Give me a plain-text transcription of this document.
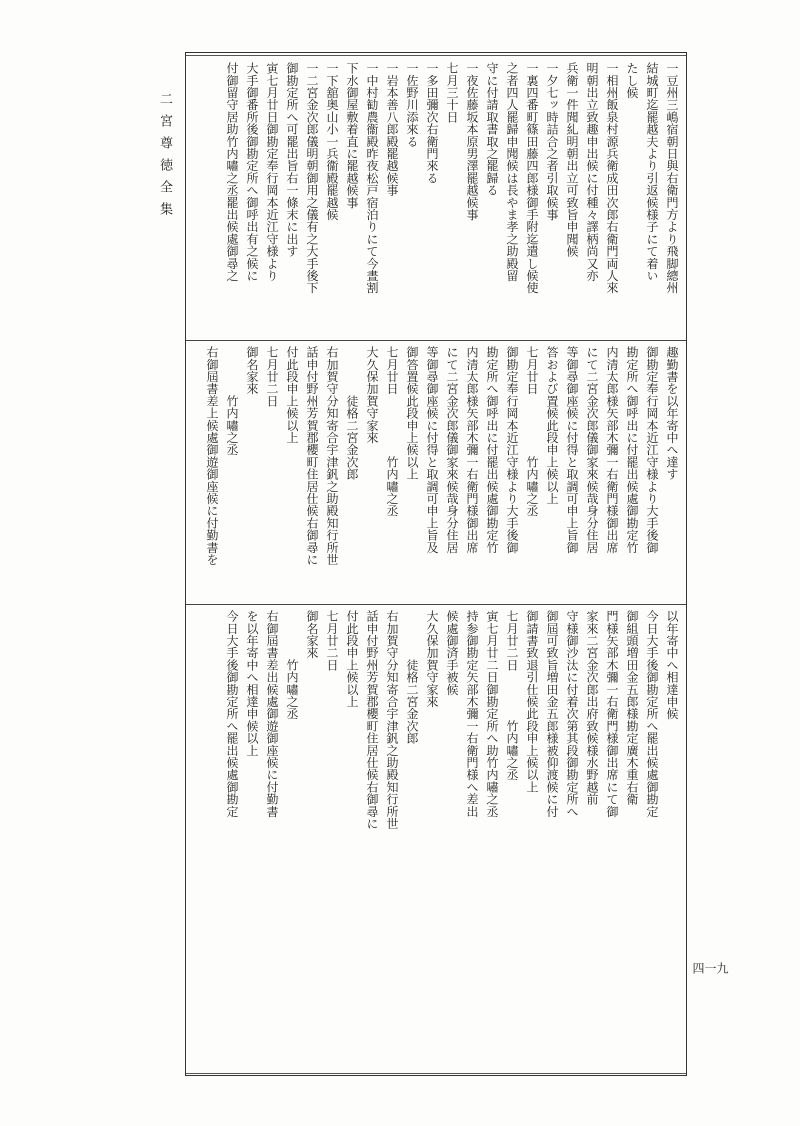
二宮尊徳全集
九一四
一豆州三嶋宿朝日與右衛門方より飛脚總州
結城町迄罷越夫より引返候様子にて着い
たし候
一相州飯泉村源兵衛成田次郎右衛門両人來
明朝出立致趣申出候に付種々譯柄尚又亦
兵衛一件聞糺明朝出立可致旨申聞候
一夕七ッ時詰合之者引取候事
一裏四番町篠田藤四郎様御手附迄遣し候使
之者四人罷歸申聞候は長やま孝之助殿留
守に付請取書取之罷歸る
一夜佐藤坂本原男澤罷越候事
七月三十日
一多田彌次右衛門來る
一佐野川添來る
一岩本善八郎殿罷越候事
一中村勧農衞殿昨夜松戸宿泊りにて今晝割
下水御屋敷着直に罷越候事
一下舘奥山小一兵衞殿罷越候
一二宮金次郎儀明朝御用之儀有之大手後下
御勘定所へ可罷出旨右一條末に出す
寅七月廿日御勘定奉行岡本近江守様より
大手御番所後御勘定所へ御呼出有之候に
付御留守居助竹内嘯之丞罷出候處御尋之
趣勤書を以年寄中へ達す
御勘定奉行岡本近江守様より大手後御
勘定所へ御呼出に付罷出候處御勘定竹
内清太郎様矢部木彌一右衛門様御出席
にて二宮金次郎儀御家來候哉身分住居
等御尋御座候に付得と取調可申上旨御
答および置候此段申上候以上
七月廿日　　　　　竹内嘯之丞
御勘定奉行岡本近江守様より大手後御
勘定所へ御呼出に付罷出候處御勘定竹
内清太郎様矢部木彌一右衛門様御出席
にて二宮金次郎儀御家來候哉身分住居
等御尋御座候に付得と取調可申上旨及
御答置候此段申上候以上
七月廿日　　　　　竹内嘯之丞
大久保加賀守家來
　　　　徒格二宮金次郎
右加賀守分知寄合宇津釩之助殿知行所世
話申付野州芳賀郡櫻町住居仕候右御尋に
付此段申上候以上
七月廿二日
御名家來
　　　　竹内嘯之丞
右御屆書差上候處御遊御座候に付勤書を
以年寄中へ相達申候
今日大手後御勘定所へ罷出候處御勘定
御組頭増田金五郎様勘定廣木重右衛
門様矢部木彌一右衛門様御出席にて御
家來二宮金次郎出府致候様水野越前
守様御沙汰に付着次第其段御勘定所へ
御屆可致旨増田金五郎様被仰渡候に付
御請書致退引仕候此段申上候以上
七月廿二日　　　　竹内嘯之丞
寅七月廿二日御勘定所へ助竹内嘯之丞
持参御勘定矢部木彌一右衛門様へ差出
候處御済手被候
大久保加賀守家來
　　　　徒格二宮金次郎
右加賀守分知寄合宇津釩之助殿知行所世
話申付野州芳賀郡櫻町住居仕候右御尋に
付此段申上候以上
七月廿二日
御名家來
　　　　竹内嘯之丞
右御屆書差出候處御遊御座候に付勤書
を以年寄中へ相達申候以上
今日大手後御勘定所へ罷出候處御勘定
